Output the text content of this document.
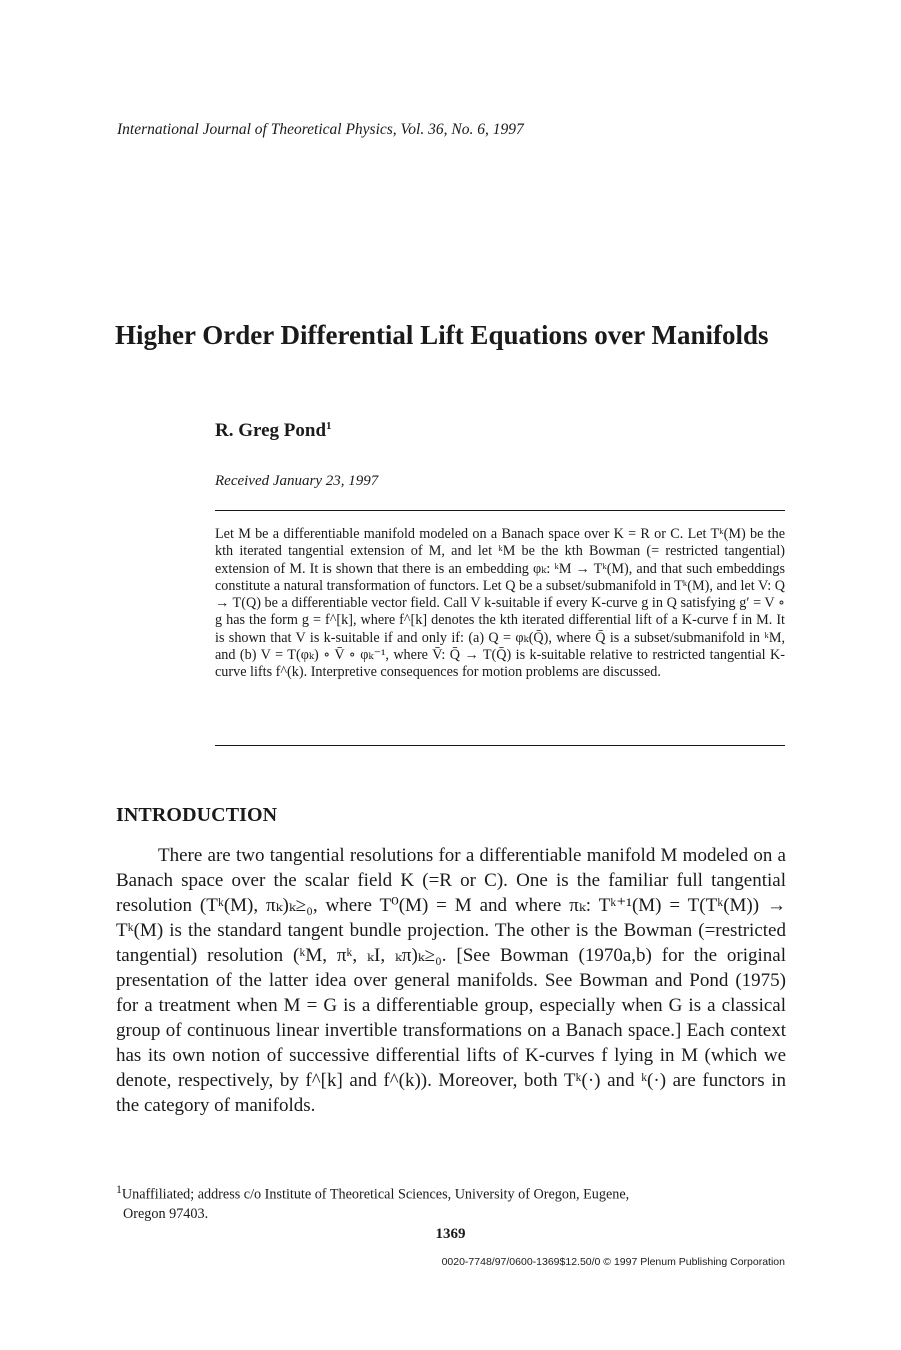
International Journal of Theoretical Physics, Vol. 36, No. 6, 1997
Higher Order Differential Lift Equations over Manifolds
R. Greg Pond$^1$
Received January 23, 1997

Let M be a differentiable manifold modeled on a Banach space over K = R or C. Let Tᵏ(M) be the kth iterated tangential extension of M, and let ᵏM be the kth Bowman (= restricted tangential) extension of M. It is shown that there is an embedding φₖ: ᵏM → Tᵏ(M), and that such embeddings constitute a natural transformation of functors. Let Q be a subset/submanifold in Tᵏ(M), and let V: Q → T(Q) be a differentiable vector field. Call V k-suitable if every K-curve g in Q satisfying g′ = V ∘ g has the form g = f^[k], where f^[k] denotes the kth iterated differential lift of a K-curve f in M. It is shown that V is k-suitable if and only if: (a) Q = φₖ(Q̄), where Q̄ is a subset/submanifold in ᵏM, and (b) V = T(φₖ) ∘ V̄ ∘ φₖ⁻¹, where V̄: Q̄ → T(Q̄) is k-suitable relative to restricted tangential K-curve lifts f^(k). Interpretive consequences for motion problems are discussed.

INTRODUCTION

There are two tangential resolutions for a differentiable manifold M modeled on a Banach space over the scalar field K (=R or C). One is the familiar full tangential resolution (Tᵏ(M), πₖ)ₖ≥₀, where T⁰(M) = M and where πₖ: Tᵏ⁺¹(M) = T(Tᵏ(M)) → Tᵏ(M) is the standard tangent bundle projection. The other is the Bowman (=restricted tangential) resolution (ᵏM, πᵏ, ₖI, ₖπ)ₖ≥₀. [See Bowman (1970a,b) for the original presentation of the latter idea over general manifolds. See Bowman and Pond (1975) for a treatment when M = G is a differentiable group, especially when G is a classical group of continuous linear invertible transformations on a Banach space.] Each context has its own notion of successive differential lifts of K-curves f lying in M (which we denote, respectively, by f^[k] and f^(k)). Moreover, both Tᵏ(·) and ᵏ(·) are functors in the category of manifolds.

$^1$Unaffiliated; address c/o Institute of Theoretical Sciences, University of Oregon, Eugene,
Oregon 97403.
1369
0020-7748/97/0600-1369$12.50/0 © 1997 Plenum Publishing Corporation
